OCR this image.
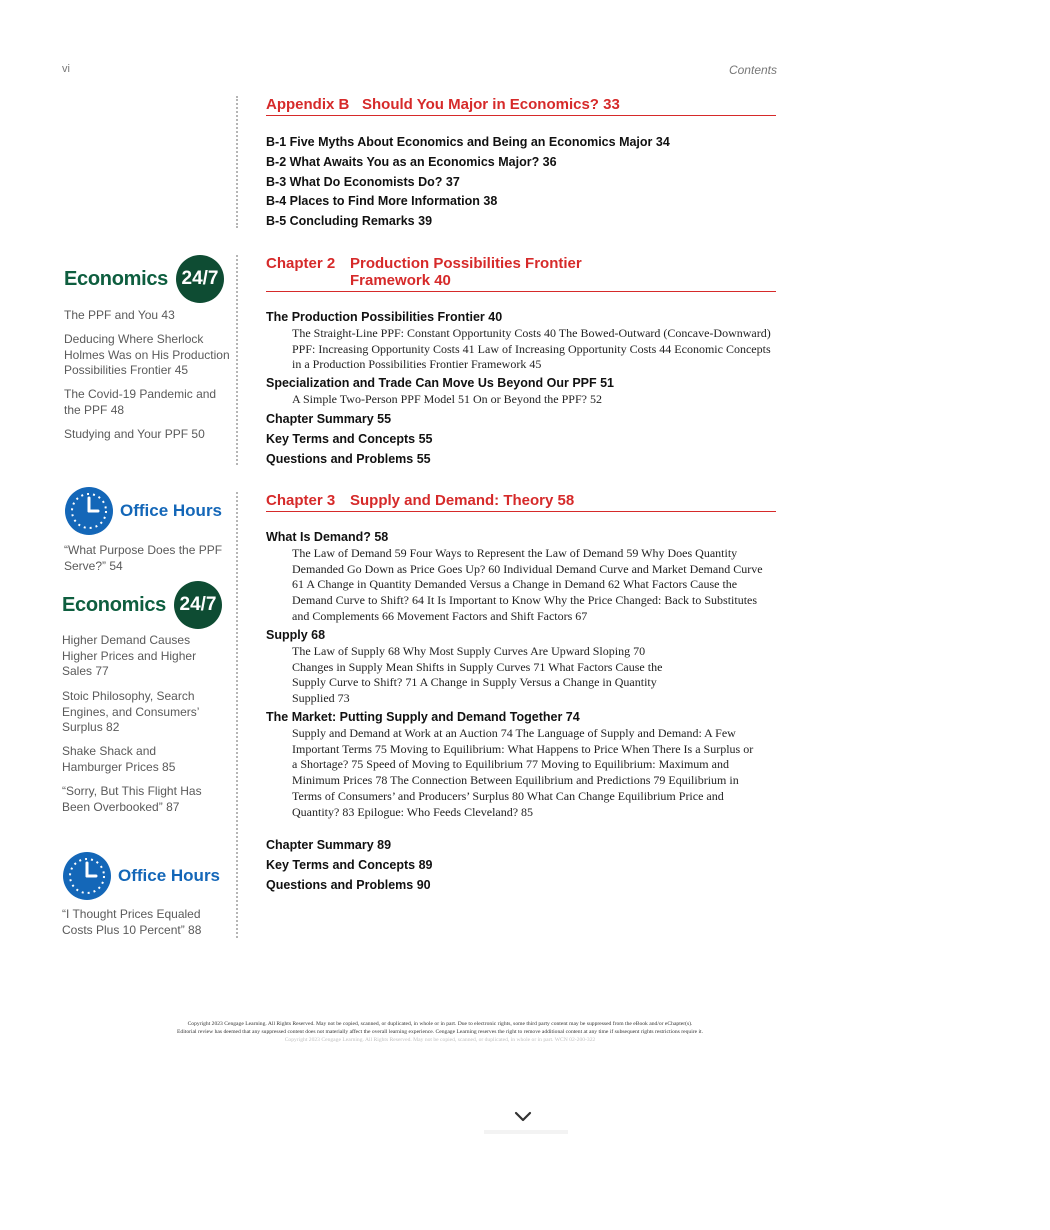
vi	Contents
Economics 24/7
The PPF and You 43
Deducing Where Sherlock Holmes Was on His Production Possibilities Frontier 45
The Covid-19 Pandemic and the PPF 48
Studying and Your PPF 50
Office Hours
“What Purpose Does the PPF Serve?” 54
Economics 24/7
Higher Demand Causes Higher Prices and Higher Sales 77
Stoic Philosophy, Search Engines, and Consumers’ Surplus 82
Shake Shack and Hamburger Prices 85
“Sorry, But This Flight Has Been Overbooked” 87
Office Hours
“I Thought Prices Equaled Costs Plus 10 Percent” 88
Appendix B Should You Major in Economics? 33
B-1 Five Myths About Economics and Being an Economics Major 34
B-2 What Awaits You as an Economics Major? 36
B-3 What Do Economists Do? 37
B-4 Places to Find More Information 38
B-5 Concluding Remarks 39
Chapter 2 Production Possibilities Frontier
Framework 40
The Production Possibilities Frontier 40
The Straight-Line PPF: Constant Opportunity Costs 40 The Bowed-Outward (Concave-Downward) PPF: Increasing Opportunity Costs 41 Law of Increasing Opportunity Costs 44 Economic Concepts in a Production Possibilities Frontier Framework 45
Specialization and Trade Can Move Us Beyond Our PPF 51
A Simple Two-Person PPF Model 51 On or Beyond the PPF? 52
Chapter Summary 55
Key Terms and Concepts 55
Questions and Problems 55
Chapter 3 Supply and Demand: Theory 58
What Is Demand? 58
The Law of Demand 59 Four Ways to Represent the Law of Demand 59 Why Does Quantity Demanded Go Down as Price Goes Up? 60 Individual Demand Curve and Market Demand Curve 61 A Change in Quantity Demanded Versus a Change in Demand 62 What Factors Cause the Demand Curve to Shift? 64 It Is Important to Know Why the Price Changed: Back to Substitutes and Complements 66 Movement Factors and Shift Factors 67
Supply 68
The Law of Supply 68 Why Most Supply Curves Are Upward Sloping 70 Changes in Supply Mean Shifts in Supply Curves 71 What Factors Cause the Supply Curve to Shift? 71 A Change in Supply Versus a Change in Quantity Supplied 73
The Market: Putting Supply and Demand Together 74
Supply and Demand at Work at an Auction 74 The Language of Supply and Demand: A Few Important Terms 75 Moving to Equilibrium: What Happens to Price When There Is a Surplus or a Shortage? 75 Speed of Moving to Equilibrium 77 Moving to Equilibrium: Maximum and Minimum Prices 78 The Connection Between Equilibrium and Predictions 79 Equilibrium in Terms of Consumers’ and Producers’ Surplus 80 What Can Change Equilibrium Price and Quantity? 83 Epilogue: Who Feeds Cleveland? 85
Chapter Summary 89
Key Terms and Concepts 89
Questions and Problems 90
Copyright 2023 Cengage Learning. All Rights Reserved. May not be copied, scanned, or duplicated, in whole or in part. Due to electronic rights, some third party content may be suppressed from the eBook and/or eChapter(s).
Editorial review has deemed that any suppressed content does not materially affect the overall learning experience. Cengage Learning reserves the right to remove additional content at any time if subsequent rights restrictions require it.
Copyright 2023 Cengage Learning. All Rights Reserved. May not be copied, scanned, or duplicated, in whole or in part. WCN 02-200-322
